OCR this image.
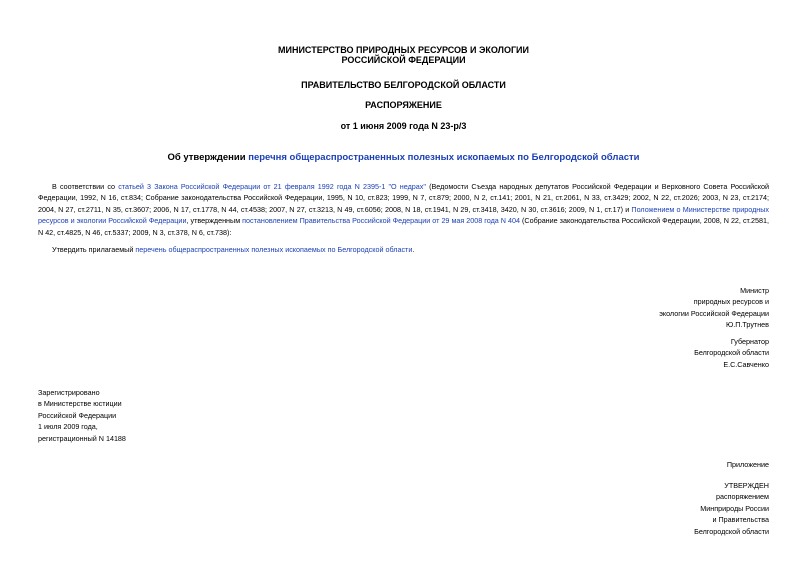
МИНИСТЕРСТВО ПРИРОДНЫХ РЕСУРСОВ И ЭКОЛОГИИ
РОССИЙСКОЙ ФЕДЕРАЦИИ
ПРАВИТЕЛЬСТВО БЕЛГОРОДСКОЙ ОБЛАСТИ
РАСПОРЯЖЕНИЕ
от 1 июня 2009 года N 23-р/3
Об утверждении перечня общераспространенных полезных ископаемых по Белгородской области
В соответствии со статьей 3 Закона Российской Федерации от 21 февраля 1992 года N 2395-1 "О недрах" (Ведомости Съезда народных депутатов Российской Федерации и Верховного Совета Российской Федерации, 1992, N 16, ст.834; Собрание законодательства Российской Федерации, 1995, N 10, ст.823; 1999, N 7, ст.879; 2000, N 2, ст.141; 2001, N 21, ст.2061, N 33, ст.3429; 2002, N 22, ст.2026; 2003, N 23, ст.2174; 2004, N 27, ст.2711, N 35, ст.3607; 2006, N 17, ст.1778, N 44, ст.4538; 2007, N 27, ст.3213, N 49, ст.6056; 2008, N 18, ст.1941, N 29, ст.3418, 3420, N 30, ст.3616; 2009, N 1, ст.17) и Положением о Министерстве природных ресурсов и экологии Российской Федерации, утвержденным постановлением Правительства Российской Федерации от 29 мая 2008 года N 404 (Собрание законодательства Российской Федерации, 2008, N 22, ст.2581, N 42, ст.4825, N 46, ст.5337; 2009, N 3, ст.378, N 6, ст.738):
Утвердить прилагаемый перечень общераспространенных полезных ископаемых по Белгородской области.
Министр
природных ресурсов и
экологии Российской Федерации
Ю.П.Трутнев
Губернатор
Белгородской области
Е.С.Савченко
Зарегистрировано
в Министерстве юстиции
Российской Федерации
1 июля 2009 года,
регистрационный N 14188
Приложение
УТВЕРЖДЕН
распоряжением
Минприроды России
и Правительства
Белгородской области
